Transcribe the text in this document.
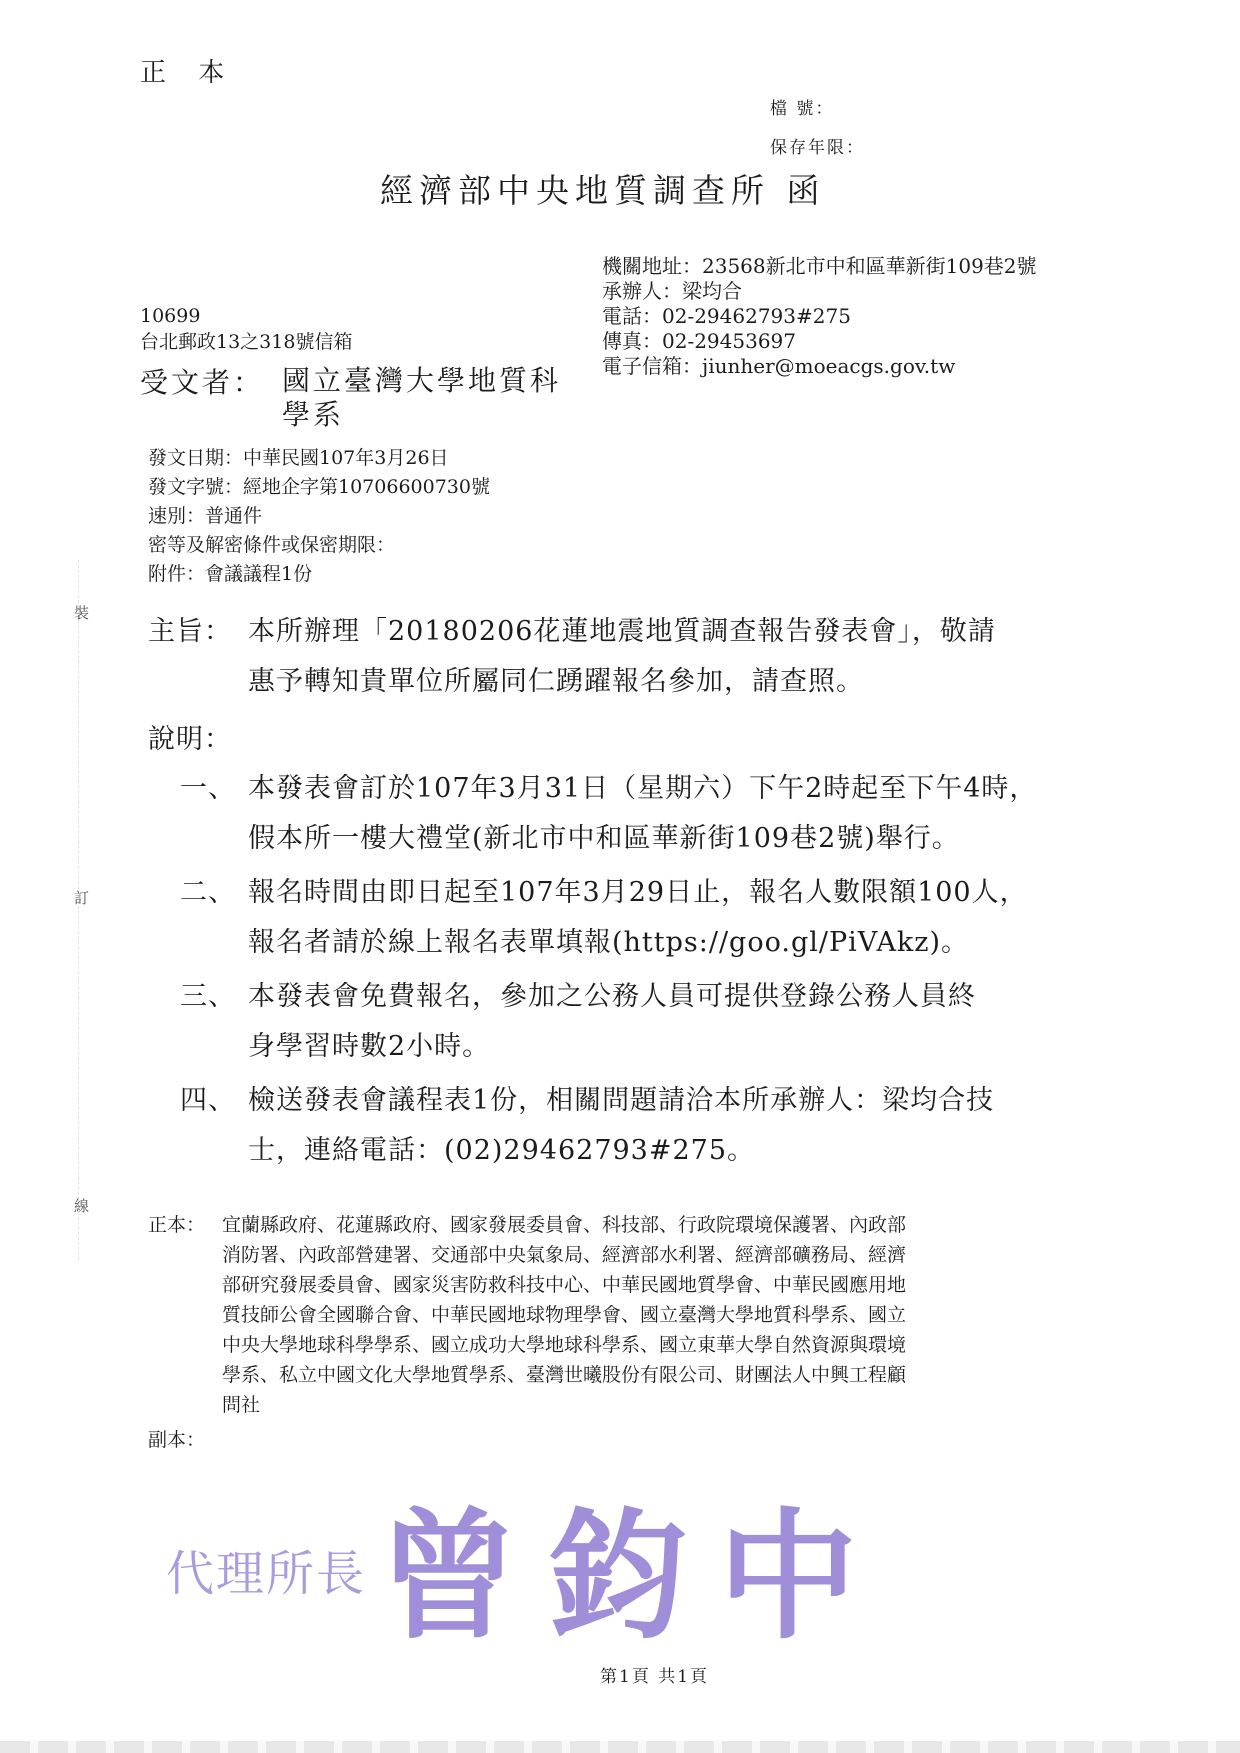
正 本
檔 號：
保存年限：
經濟部中央地質調查所 函
機關地址：23568新北市中和區華新街109巷2號
承辦人：梁均合
電話：02-29462793#275
傳真：02-29453697
電子信箱：jiunher@moeacgs.gov.tw
10699
台北郵政13之318號信箱
受文者： 國立臺灣大學地質科
學系
發文日期：中華民國107年3月26日
發文字號：經地企字第10706600730號
速別：普通件
密等及解密條件或保密期限：
附件：會議議程1份
主旨： 本所辦理「20180206花蓮地震地質調查報告發表會」，敬請
惠予轉知貴單位所屬同仁踴躍報名參加，請查照。
說明：
一、 本發表會訂於107年3月31日（星期六）下午2時起至下午4時，
假本所一樓大禮堂(新北市中和區華新街109巷2號)舉行。
二、 報名時間由即日起至107年3月29日止，報名人數限額100人，
報名者請於線上報名表單填報(https://goo.gl/PiVAkz)。
三、 本發表會免費報名，參加之公務人員可提供登錄公務人員終
身學習時數2小時。
四、 檢送發表會議程表1份，相關問題請洽本所承辦人：梁均合技
士，連絡電話：(02)29462793#275。
正本： 宜蘭縣政府、花蓮縣政府、國家發展委員會、科技部、行政院環境保護署、內政部
消防署、內政部營建署、交通部中央氣象局、經濟部水利署、經濟部礦務局、經濟
部研究發展委員會、國家災害防救科技中心、中華民國地質學會、中華民國應用地
質技師公會全國聯合會、中華民國地球物理學會、國立臺灣大學地質科學系、國立
中央大學地球科學學系、國立成功大學地球科學系、國立東華大學自然資源與環境
學系、私立中國文化大學地質學系、臺灣世曦股份有限公司、財團法人中興工程顧
問社
副本：
代理所長 曾鈞中
裝
訂
線
第1頁 共1頁
